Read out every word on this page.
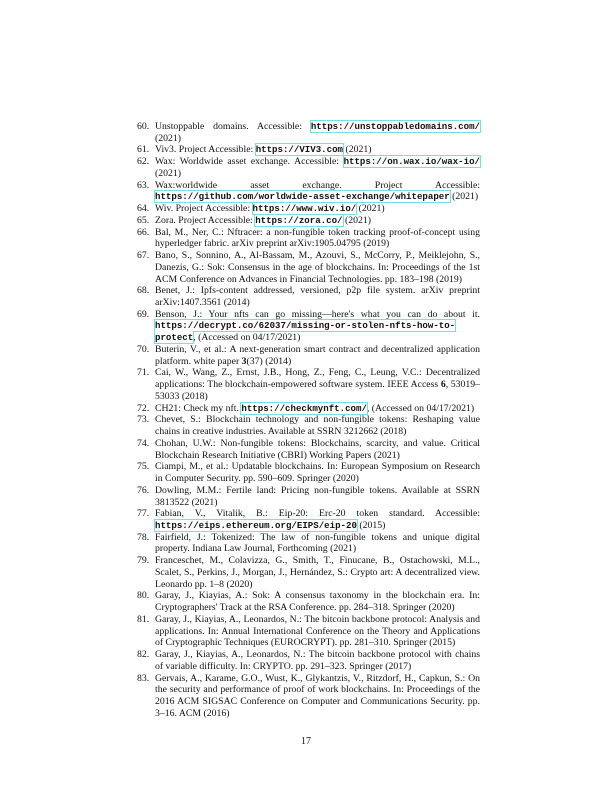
60. Unstoppable domains. Accessible: https://unstoppabledomains.com/ (2021)
61. Viv3. Project Accessible: https://VIV3.com (2021)
62. Wax: Worldwide asset exchange. Accessible: https://on.wax.io/wax-io/ (2021)
63. Wax:worldwide asset exchange. Project Accessible: https://github.com/worldwide-asset-exchange/whitepaper (2021)
64. Wiv. Project Accessible: https://www.wiv.io/ (2021)
65. Zora. Project Accessible: https://zora.co/ (2021)
66. Bal, M., Ner, C.: Nftracer: a non-fungible token tracking proof-of-concept using hyperledger fabric. arXiv preprint arXiv:1905.04795 (2019)
67. Bano, S., Sonnino, A., Al-Bassam, M., Azouvi, S., McCorry, P., Meiklejohn, S., Danezis, G.: Sok: Consensus in the age of blockchains. In: Proceedings of the 1st ACM Conference on Advances in Financial Technologies. pp. 183–198 (2019)
68. Benet, J.: Ipfs-content addressed, versioned, p2p file system. arXiv preprint arXiv:1407.3561 (2014)
69. Benson, J.: Your nfts can go missing—here's what you can do about it. https://decrypt.co/62037/missing-or-stolen-nfts-how-to-protect, (Accessed on 04/17/2021)
70. Buterin, V., et al.: A next-generation smart contract and decentralized application platform. white paper 3(37) (2014)
71. Cai, W., Wang, Z., Ernst, J.B., Hong, Z., Feng, C., Leung, V.C.: Decentralized applications: The blockchain-empowered software system. IEEE Access 6, 53019–53033 (2018)
72. CH21: Check my nft. https://checkmynft.com/, (Accessed on 04/17/2021)
73. Chevet, S.: Blockchain technology and non-fungible tokens: Reshaping value chains in creative industries. Available at SSRN 3212662 (2018)
74. Chohan, U.W.: Non-fungible tokens: Blockchains, scarcity, and value. Critical Blockchain Research Initiative (CBRI) Working Papers (2021)
75. Ciampi, M., et al.: Updatable blockchains. In: European Symposium on Research in Computer Security. pp. 590–609. Springer (2020)
76. Dowling, M.M.: Fertile land: Pricing non-fungible tokens. Available at SSRN 3813522 (2021)
77. Fabian, V., Vitalik, B.: Eip-20: Erc-20 token standard. Accessible: https://eips.ethereum.org/EIPS/eip-20 (2015)
78. Fairfield, J.: Tokenized: The law of non-fungible tokens and unique digital property. Indiana Law Journal, Forthcoming (2021)
79. Franceschet, M., Colavizza, G., Smith, T., Finucane, B., Ostachowski, M.L., Scalet, S., Perkins, J., Morgan, J., Hernández, S.: Crypto art: A decentralized view. Leonardo pp. 1–8 (2020)
80. Garay, J., Kiayias, A.: Sok: A consensus taxonomy in the blockchain era. In: Cryptographers' Track at the RSA Conference. pp. 284–318. Springer (2020)
81. Garay, J., Kiayias, A., Leonardos, N.: The bitcoin backbone protocol: Analysis and applications. In: Annual International Conference on the Theory and Applications of Cryptographic Techniques (EUROCRYPT). pp. 281–310. Springer (2015)
82. Garay, J., Kiayias, A., Leonardos, N.: The bitcoin backbone protocol with chains of variable difficulty. In: CRYPTO. pp. 291–323. Springer (2017)
83. Gervais, A., Karame, G.O., Wust, K., Glykantzis, V., Ritzdorf, H., Capkun, S.: On the security and performance of proof of work blockchains. In: Proceedings of the 2016 ACM SIGSAC Conference on Computer and Communications Security. pp. 3–16. ACM (2016)
17
